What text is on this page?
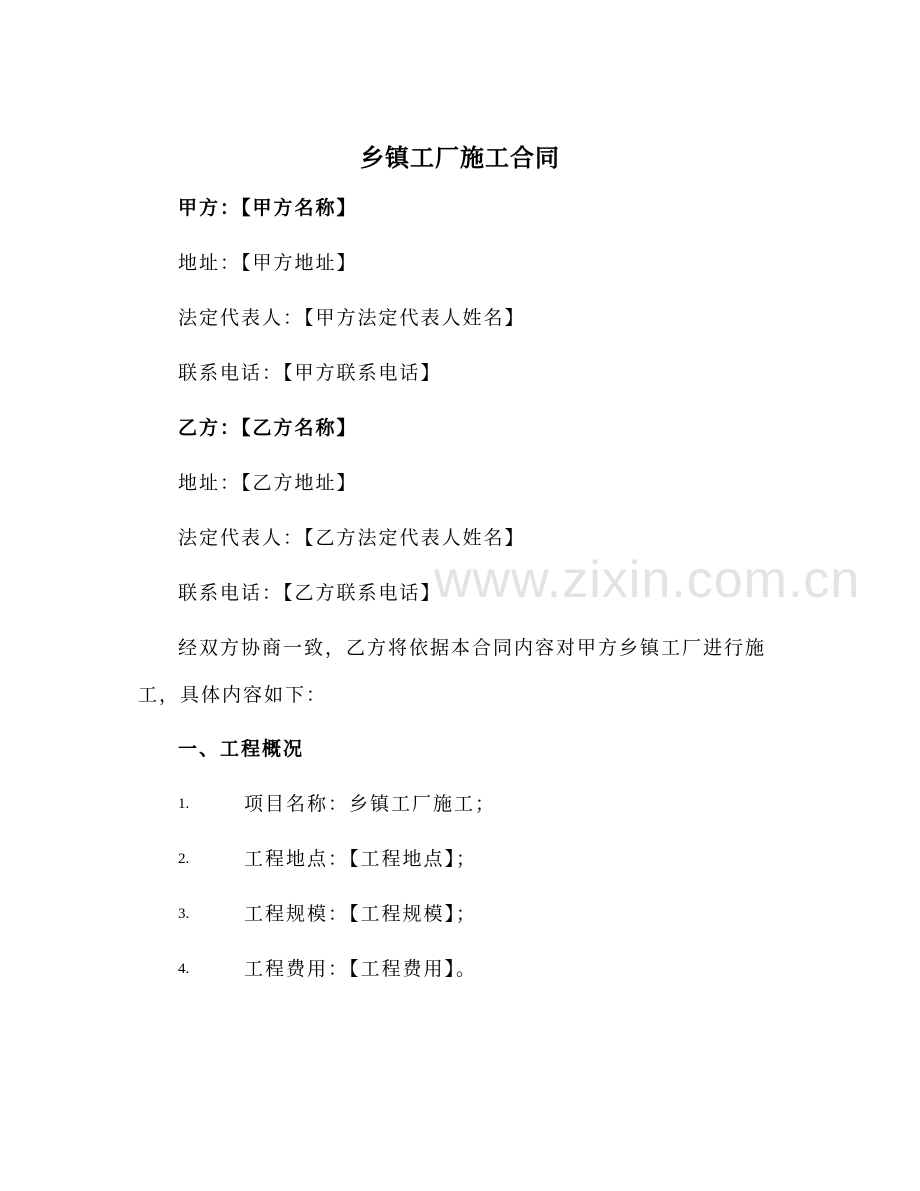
乡镇工厂施工合同
甲方：【甲方名称】
地址：【甲方地址】
法定代表人：【甲方法定代表人姓名】
联系电话：【甲方联系电话】
乙方：【乙方名称】
地址：【乙方地址】
法定代表人：【乙方法定代表人姓名】
联系电话：【乙方联系电话】
经双方协商一致，乙方将依据本合同内容对甲方乡镇工厂进行施
工，具体内容如下：
一、工程概况
1.	项目名称：乡镇工厂施工；
2.	工程地点：【工程地点】；
3.	工程规模：【工程规模】；
4.	工程费用：【工程费用】。
www.zixin.com.cn
